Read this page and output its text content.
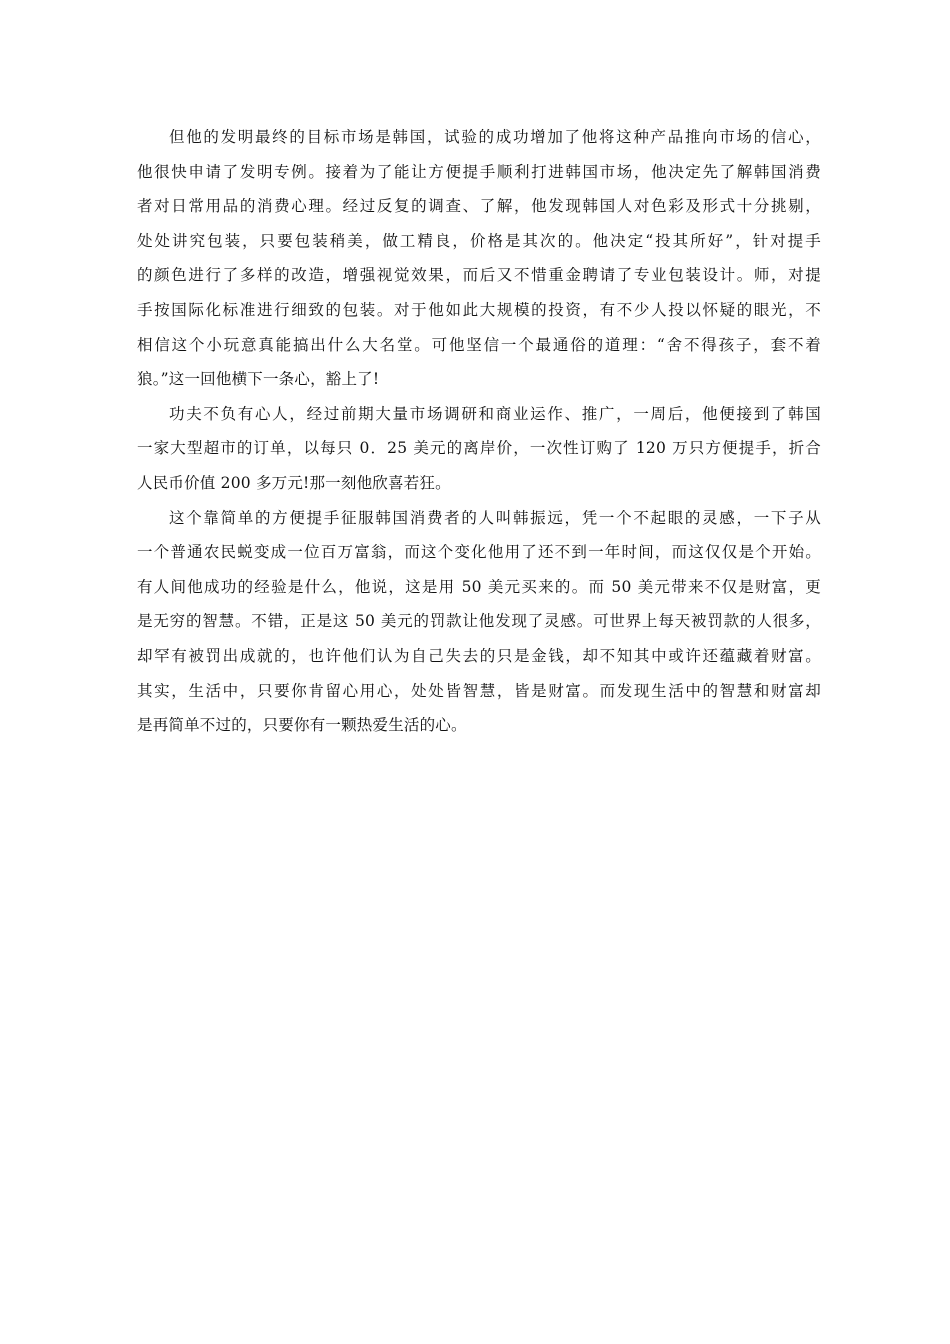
但他的发明最终的目标市场是韩国，试验的成功增加了他将这种产品推向市场的信心，
他很快申请了发明专例。接着为了能让方便提手顺利打进韩国市场，他决定先了解韩国消费
者对日常用品的消费心理。经过反复的调查、了解，他发现韩国人对色彩及形式十分挑剔，
处处讲究包装，只要包装稍美，做工精良，价格是其次的。他决定“投其所好”，针对提手
的颜色进行了多样的改造，增强视觉效果，而后又不惜重金聘请了专业包装设计。师，对提
手按国际化标准进行细致的包装。对于他如此大规模的投资，有不少人投以怀疑的眼光，不
相信这个小玩意真能搞出什么大名堂。可他坚信一个最通俗的道理：“舍不得孩子，套不着
狼。”这一回他横下一条心，豁上了!
功夫不负有心人，经过前期大量市场调研和商业运作、推广，一周后，他便接到了韩国
一家大型超市的订单，以每只 0．25 美元的离岸价，一次性订购了 120 万只方便提手，折合
人民币价值 200 多万元!那一刻他欣喜若狂。
这个靠简单的方便提手征服韩国消费者的人叫韩振远，凭一个不起眼的灵感，一下子从
一个普通农民蜕变成一位百万富翁，而这个变化他用了还不到一年时间，而这仅仅是个开始。
有人间他成功的经验是什么，他说，这是用 50 美元买来的。而 50 美元带来不仅是财富，更
是无穷的智慧。不错，正是这 50 美元的罚款让他发现了灵感。可世界上每天被罚款的人很多，
却罕有被罚出成就的，也许他们认为自己失去的只是金钱，却不知其中或许还蕴藏着财富。
其实，生活中，只要你肯留心用心，处处皆智慧，皆是财富。而发现生活中的智慧和财富却
是再简单不过的，只要你有一颗热爱生活的心。
